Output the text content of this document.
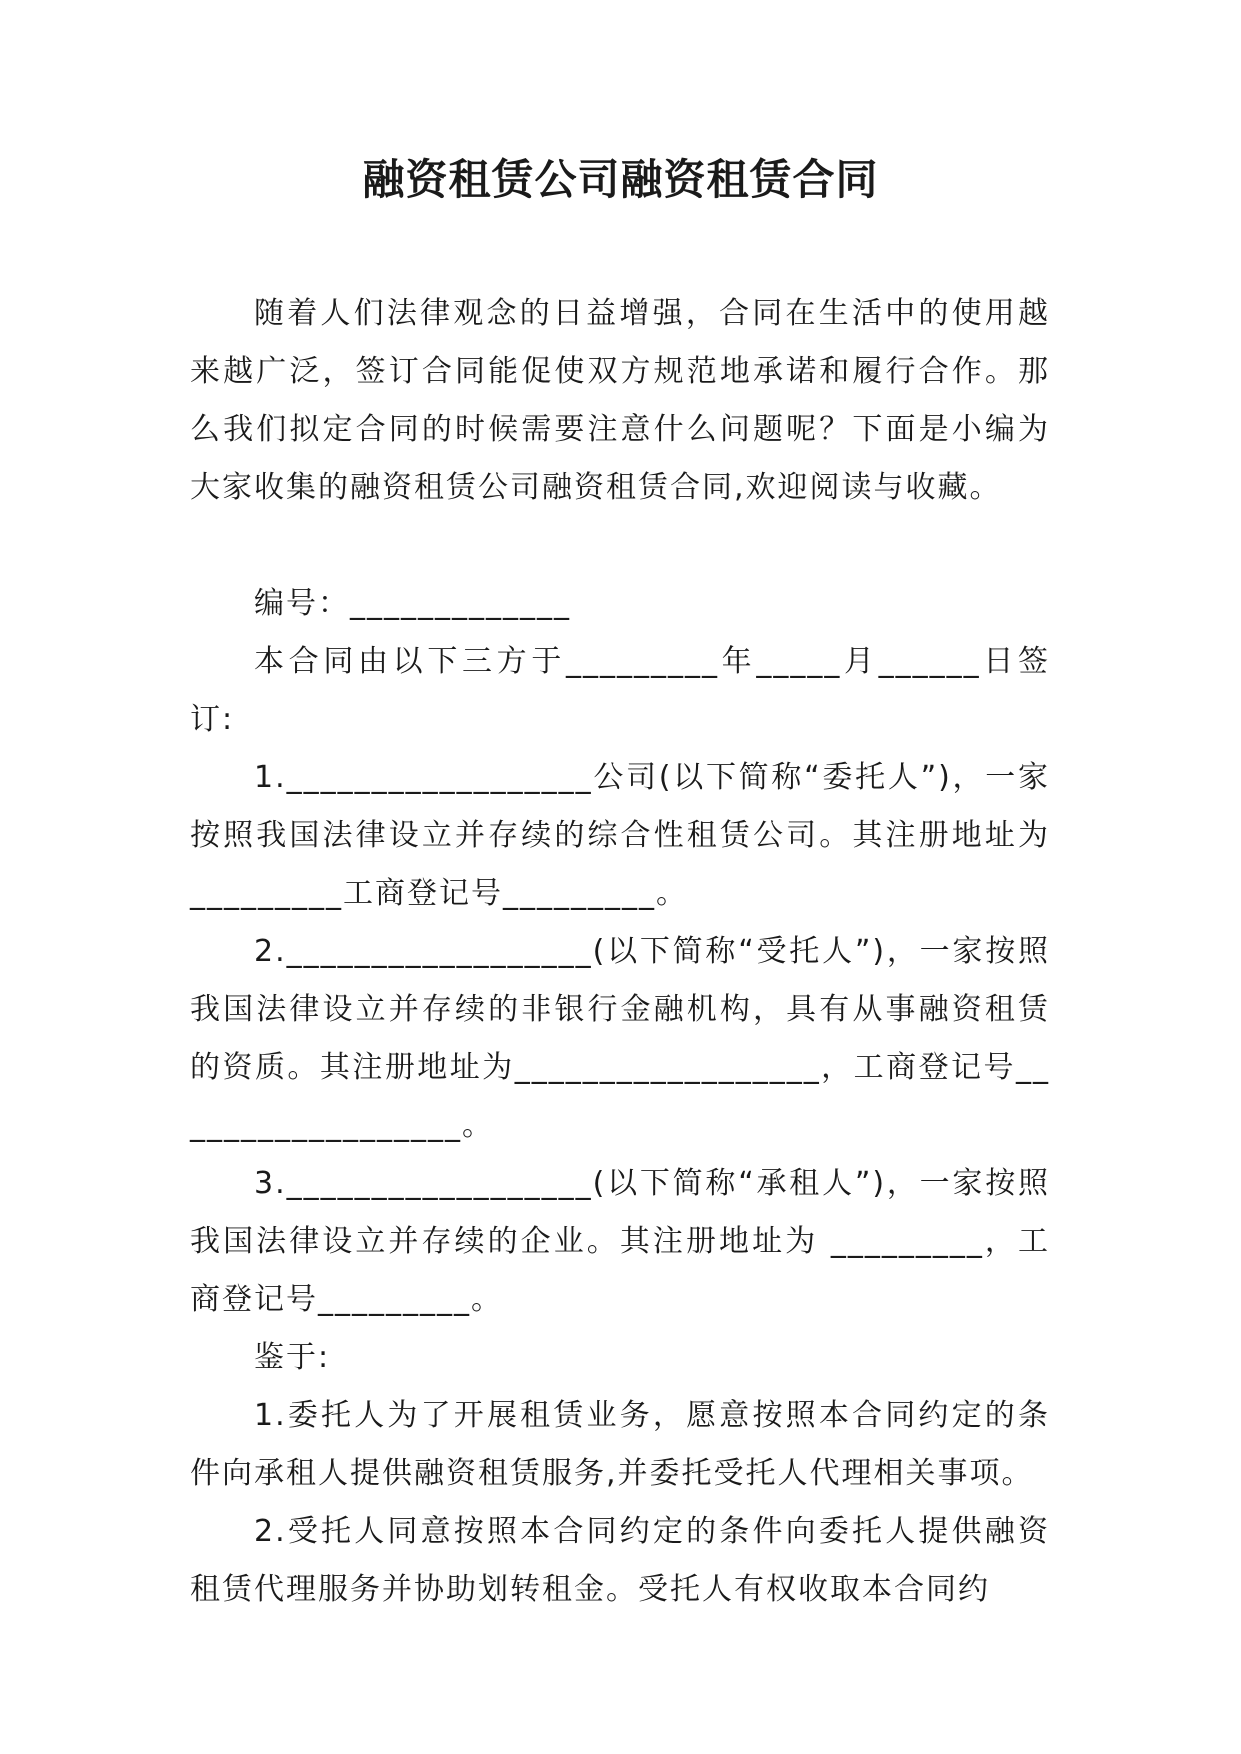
融资租赁公司融资租赁合同

随着人们法律观念的日益增强，合同在生活中的使用越来越广泛，签订合同能促使双方规范地承诺和履行合作。那么我们拟定合同的时候需要注意什么问题呢？下面是小编为大家收集的融资租赁公司融资租赁合同,欢迎阅读与收藏。

编号：_____________

本合同由以下三方于_________年_____月______日签订:

1.__________________公司(以下简称“委托人”)，一家按照我国法律设立并存续的综合性租赁公司。其注册地址为 _________工商登记号_________。

2.__________________(以下简称“受托人”)，一家按照我国法律设立并存续的非银行金融机构，具有从事融资租赁的资质。其注册地址为__________________，工商登记号__________________。

3.__________________(以下简称“承租人”)，一家按照我国法律设立并存续的企业。其注册地址为 _________，工商登记号_________。

鉴于:

1.委托人为了开展租赁业务，愿意按照本合同约定的条件向承租人提供融资租赁服务,并委托受托人代理相关事项。

2.受托人同意按照本合同约定的条件向委托人提供融资租赁代理服务并协助划转租金。受托人有权收取本合同约
